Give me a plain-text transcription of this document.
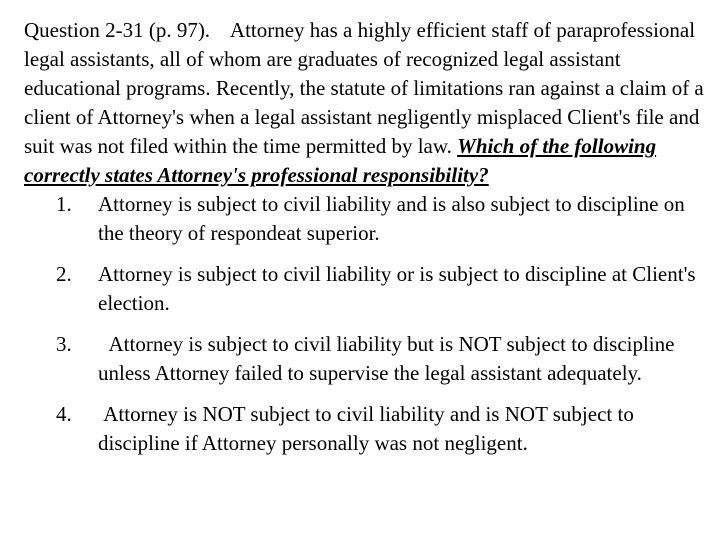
Question 2-31 (p. 97).    Attorney has a highly efficient staff of paraprofessional legal assistants, all of whom are graduates of recognized legal assistant educational programs. Recently, the statute of limitations ran against a claim of a client of Attorney's when a legal assistant negligently misplaced Client's file and suit was not filed within the time permitted by law. Which of the following correctly states Attorney's professional responsibility?

1. Attorney is subject to civil liability and is also subject to discipline on the theory of respondeat superior.
2. Attorney is subject to civil liability or is subject to discipline at Client's election.
3. Attorney is subject to civil liability but is NOT subject to discipline unless Attorney failed to supervise the legal assistant adequately.
4. Attorney is NOT subject to civil liability and is NOT subject to discipline if Attorney personally was not negligent.
